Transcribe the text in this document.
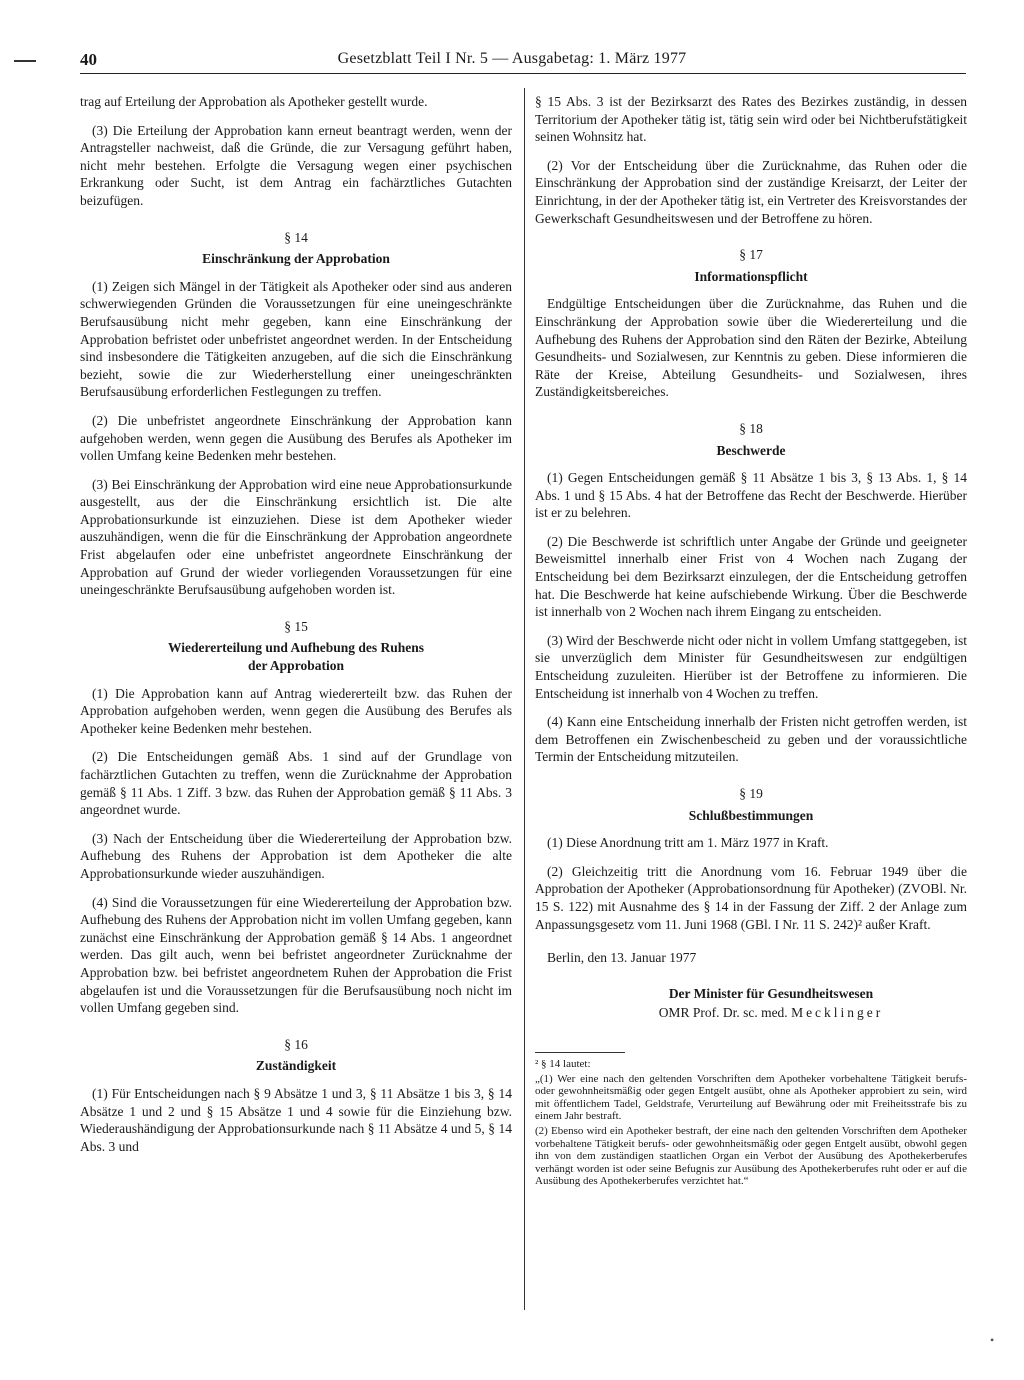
40	Gesetzblatt Teil I Nr. 5 — Ausgabetag: 1. März 1977

trag auf Erteilung der Approbation als Apotheker gestellt wurde.

(3) Die Erteilung der Approbation kann erneut beantragt werden, wenn der Antragsteller nachweist, daß die Gründe, die zur Versagung geführt haben, nicht mehr bestehen. Erfolgte die Versagung wegen einer psychischen Erkrankung oder Sucht, ist dem Antrag ein fachärztliches Gutachten beizufügen.

§ 14
Einschränkung der Approbation

(1) Zeigen sich Mängel in der Tätigkeit als Apotheker oder sind aus anderen schwerwiegenden Gründen die Voraussetzungen für eine uneingeschränkte Berufsausübung nicht mehr gegeben, kann eine Einschränkung der Approbation befristet oder unbefristet angeordnet werden. In der Entscheidung sind insbesondere die Tätigkeiten anzugeben, auf die sich die Einschränkung bezieht, sowie die zur Wiederherstellung einer uneingeschränkten Berufsausübung erforderlichen Festlegungen zu treffen.

(2) Die unbefristet angeordnete Einschränkung der Approbation kann aufgehoben werden, wenn gegen die Ausübung des Berufes als Apotheker im vollen Umfang keine Bedenken mehr bestehen.

(3) Bei Einschränkung der Approbation wird eine neue Approbationsurkunde ausgestellt, aus der die Einschränkung ersichtlich ist. Die alte Approbationsurkunde ist einzuziehen. Diese ist dem Apotheker wieder auszuhändigen, wenn die für die Einschränkung der Approbation angeordnete Frist abgelaufen oder eine unbefristet angeordnete Einschränkung der Approbation auf Grund der wieder vorliegenden Voraussetzungen für eine uneingeschränkte Berufsausübung aufgehoben worden ist.

§ 15
Wiedererteilung und Aufhebung des Ruhens
der Approbation

(1) Die Approbation kann auf Antrag wiedererteilt bzw. das Ruhen der Approbation aufgehoben werden, wenn gegen die Ausübung des Berufes als Apotheker keine Bedenken mehr bestehen.

(2) Die Entscheidungen gemäß Abs. 1 sind auf der Grundlage von fachärztlichen Gutachten zu treffen, wenn die Zurücknahme der Approbation gemäß § 11 Abs. 1 Ziff. 3 bzw. das Ruhen der Approbation gemäß § 11 Abs. 3 angeordnet wurde.

(3) Nach der Entscheidung über die Wiedererteilung der Approbation bzw. Aufhebung des Ruhens der Approbation ist dem Apotheker die alte Approbationsurkunde wieder auszuhändigen.

(4) Sind die Voraussetzungen für eine Wiedererteilung der Approbation bzw. Aufhebung des Ruhens der Approbation nicht im vollen Umfang gegeben, kann zunächst eine Einschränkung der Approbation gemäß § 14 Abs. 1 angeordnet werden. Das gilt auch, wenn bei befristet angeordneter Zurücknahme der Approbation bzw. bei befristet angeordnetem Ruhen der Approbation die Frist abgelaufen ist und die Voraussetzungen für die Berufsausübung noch nicht im vollen Umfang gegeben sind.

§ 16
Zuständigkeit

(1) Für Entscheidungen nach § 9 Absätze 1 und 3, § 11 Absätze 1 bis 3, § 14 Absätze 1 und 2 und § 15 Absätze 1 und 4 sowie für die Einziehung bzw. Wiederaushändigung der Approbationsurkunde nach § 11 Absätze 4 und 5, § 14 Abs. 3 und

§ 15 Abs. 3 ist der Bezirksarzt des Rates des Bezirkes zuständig, in dessen Territorium der Apotheker tätig ist, tätig sein wird oder bei Nichtberufstätigkeit seinen Wohnsitz hat.

(2) Vor der Entscheidung über die Zurücknahme, das Ruhen oder die Einschränkung der Approbation sind der zuständige Kreisarzt, der Leiter der Einrichtung, in der der Apotheker tätig ist, ein Vertreter des Kreisvorstandes der Gewerkschaft Gesundheitswesen und der Betroffene zu hören.

§ 17
Informationspflicht

Endgültige Entscheidungen über die Zurücknahme, das Ruhen und die Einschränkung der Approbation sowie über die Wiedererteilung und die Aufhebung des Ruhens der Approbation sind den Räten der Bezirke, Abteilung Gesundheits- und Sozialwesen, zur Kenntnis zu geben. Diese informieren die Räte der Kreise, Abteilung Gesundheits- und Sozialwesen, ihres Zuständigkeitsbereiches.

§ 18
Beschwerde

(1) Gegen Entscheidungen gemäß § 11 Absätze 1 bis 3, § 13 Abs. 1, § 14 Abs. 1 und § 15 Abs. 4 hat der Betroffene das Recht der Beschwerde. Hierüber ist er zu belehren.

(2) Die Beschwerde ist schriftlich unter Angabe der Gründe und geeigneter Beweismittel innerhalb einer Frist von 4 Wochen nach Zugang der Entscheidung bei dem Bezirksarzt einzulegen, der die Entscheidung getroffen hat. Die Beschwerde hat keine aufschiebende Wirkung. Über die Beschwerde ist innerhalb von 2 Wochen nach ihrem Eingang zu entscheiden.

(3) Wird der Beschwerde nicht oder nicht in vollem Umfang stattgegeben, ist sie unverzüglich dem Minister für Gesundheitswesen zur endgültigen Entscheidung zuzuleiten. Hierüber ist der Betroffene zu informieren. Die Entscheidung ist innerhalb von 4 Wochen zu treffen.

(4) Kann eine Entscheidung innerhalb der Fristen nicht getroffen werden, ist dem Betroffenen ein Zwischenbescheid zu geben und der voraussichtliche Termin der Entscheidung mitzuteilen.

§ 19
Schlußbestimmungen

(1) Diese Anordnung tritt am 1. März 1977 in Kraft.

(2) Gleichzeitig tritt die Anordnung vom 16. Februar 1949 über die Approbation der Apotheker (Approbationsordnung für Apotheker) (ZVOBl. Nr. 15 S. 122) mit Ausnahme des § 14 in der Fassung der Ziff. 2 der Anlage zum Anpassungsgesetz vom 11. Juni 1968 (GBl. I Nr. 11 S. 242)² außer Kraft.

Berlin, den 13. Januar 1977

Der Minister für Gesundheitswesen

OMR Prof. Dr. sc. med. Mecklinger

² § 14 lautet:

„(1) Wer eine nach den geltenden Vorschriften dem Apotheker vorbehaltene Tätigkeit berufs- oder gewohnheitsmäßig oder gegen Entgelt ausübt, ohne als Apotheker approbiert zu sein, wird mit öffentlichem Tadel, Geldstrafe, Verurteilung auf Bewährung oder mit Freiheitsstrafe bis zu einem Jahr bestraft.

(2) Ebenso wird ein Apotheker bestraft, der eine nach den geltenden Vorschriften dem Apotheker vorbehaltene Tätigkeit berufs- oder gewohnheitsmäßig oder gegen Entgelt ausübt, obwohl gegen ihn von dem zuständigen staatlichen Organ ein Verbot der Ausübung des Apothekerberufes verhängt worden ist oder seine Befugnis zur Ausübung des Apothekerberufes ruht oder er auf die Ausübung des Apothekerberufes verzichtet hat.“

•
